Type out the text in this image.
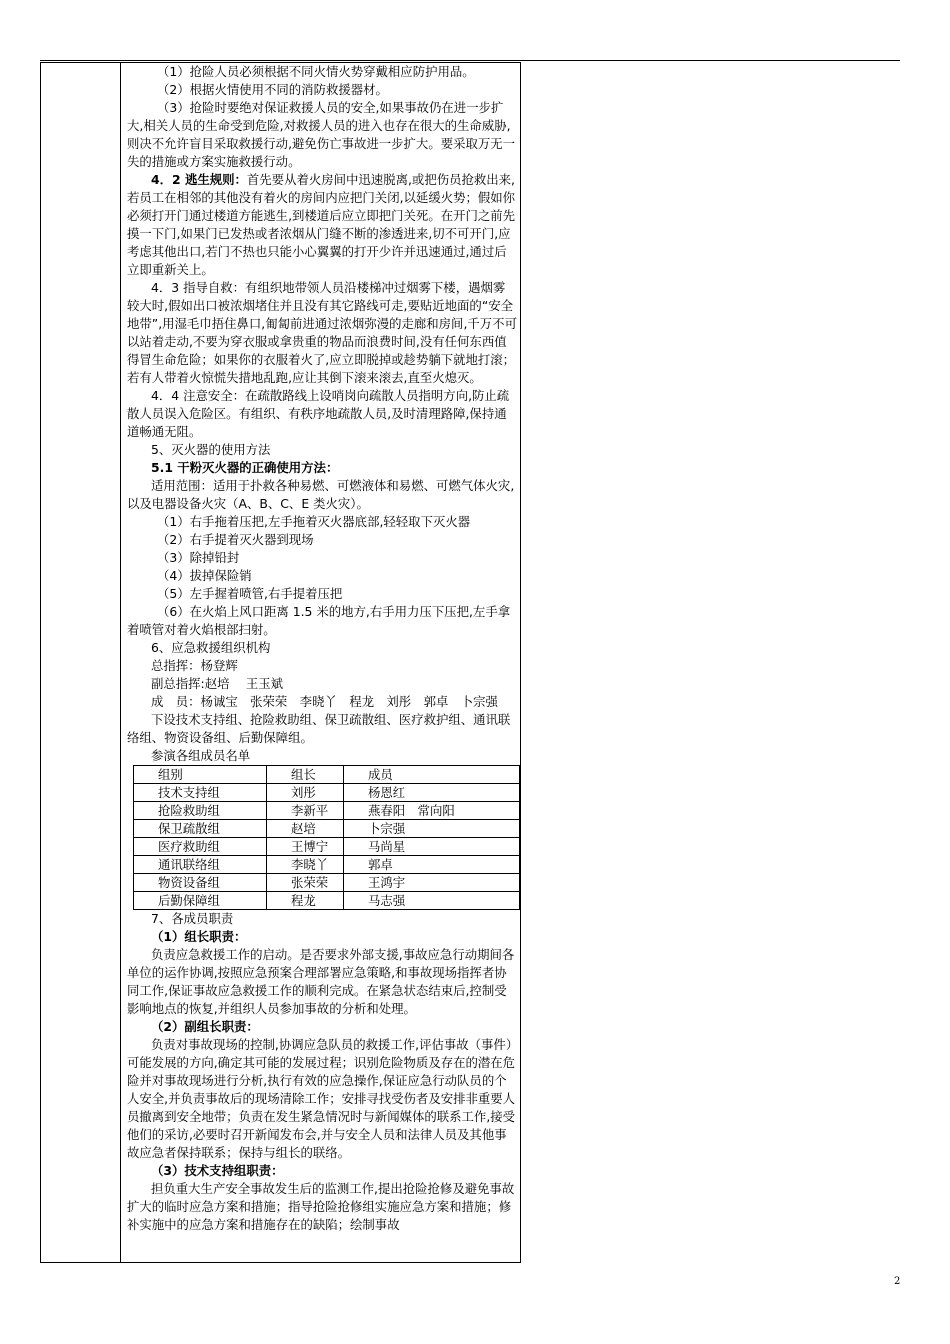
（1）抢险人员必须根据不同火情火势穿戴相应防护用品。

（2）根据火情使用不同的消防救援器材。

（3）抢险时要绝对保证救援人员的安全,如果事故仍在进一步扩大,相关人员的生命受到危险,对救援人员的进入也存在很大的生命威胁,则决不允许盲目采取救援行动,避免伤亡事故进一步扩大。要采取万无一失的措施或方案实施救援行动。

4．2 逃生规则：首先要从着火房间中迅速脱离,或把伤员抢救出来,若员工在相邻的其他没有着火的房间内应把门关闭,以延缓火势；假如你必须打开门通过楼道方能逃生,到楼道后应立即把门关死。在开门之前先摸一下门,如果门已发热或者浓烟从门缝不断的渗透进来,切不可开门,应考虑其他出口,若门不热也只能小心翼翼的打开少许并迅速通过,通过后立即重新关上。

4．3 指导自救：有组织地带领人员沿楼梯冲过烟雾下楼，遇烟雾较大时,假如出口被浓烟堵住并且没有其它路线可走,要贴近地面的“安全地带”,用湿毛巾捂住鼻口,匍匐前进通过浓烟弥漫的走廊和房间,千万不可以站着走动,不要为穿衣服或拿贵重的物品而浪费时间,没有任何东西值得冒生命危险；如果你的衣服着火了,应立即脱掉或趁势躺下就地打滚；若有人带着火惊慌失措地乱跑,应让其倒下滚来滚去,直至火熄灭。

4．4 注意安全：在疏散路线上设哨岗向疏散人员指明方向,防止疏散人员误入危险区。有组织、有秩序地疏散人员,及时清理路障,保持通道畅通无阻。

5、灭火器的使用方法

5.1 干粉灭火器的正确使用方法：

适用范围：适用于扑救各种易燃、可燃液体和易燃、可燃气体火灾,以及电器设备火灾（A、B、C、E 类火灾）。

（1）右手拖着压把,左手拖着灭火器底部,轻轻取下灭火器

（2）右手提着灭火器到现场

（3）除掉铅封

（4）拔掉保险销

（5）左手握着喷管,右手提着压把

（6）在火焰上风口距离 1.5 米的地方,右手用力压下压把,左手拿着喷管对着火焰根部扫射。

6、应急救援组织机构

总指挥：杨登辉

副总指挥:赵培　 王玉斌

成　员：杨诚宝　张荣荣　李晓丫　程龙　刘彤　郭卓　卜宗强

下设技术支持组、抢险救助组、保卫疏散组、医疗救护组、通讯联络组、物资设备组、后勤保障组。

参演各组成员名单

组别	组长	成员
技术支持组	刘彤	杨恩红
抢险救助组	李新平	燕春阳　常向阳
保卫疏散组	赵培	卜宗强
医疗救助组	王博宁	马尚星
通讯联络组	李晓丫	郭卓
物资设备组	张荣荣	王鸿宇
后勤保障组	程龙	马志强

7、各成员职责

（1）组长职责：

负责应急救援工作的启动。是否要求外部支援,事故应急行动期间各单位的运作协调,按照应急预案合理部署应急策略,和事故现场指挥者协同工作,保证事故应急救援工作的顺利完成。在紧急状态结束后,控制受影响地点的恢复,并组织人员参加事故的分析和处理。

（2）副组长职责：

负责对事故现场的控制,协调应急队员的救援工作,评估事故（事件）可能发展的方向,确定其可能的发展过程；识别危险物质及存在的潜在危险并对事故现场进行分析,执行有效的应急操作,保证应急行动队员的个人安全,并负责事故后的现场清除工作；安排寻找受伤者及安排非重要人员撤离到安全地带；负责在发生紧急情况时与新闻媒体的联系工作,接受他们的采访,必要时召开新闻发布会,并与安全人员和法律人员及其他事故应急者保持联系；保持与组长的联络。

（3）技术支持组职责：

担负重大生产安全事故发生后的监测工作,提出抢险抢修及避免事故扩大的临时应急方案和措施；指导抢险抢修组实施应急方案和措施；修补实施中的应急方案和措施存在的缺陷；绘制事故

2
